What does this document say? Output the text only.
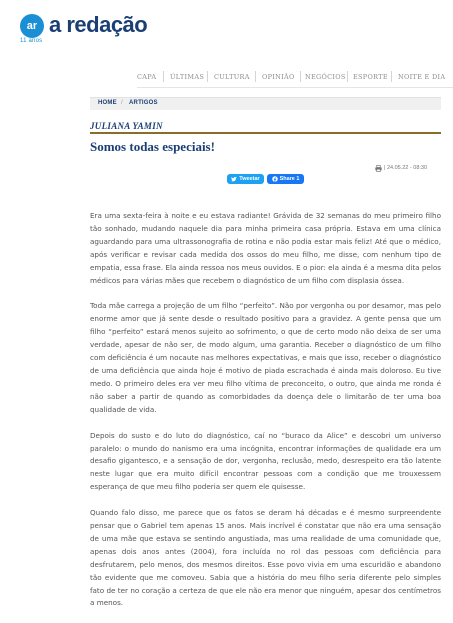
ar
11 anos
a redação
CAPA ÚLTIMAS CULTURA OPINIÃO NEGÓCIOS ESPORTE NOITE E DIA
HOME / ARTIGOS
JULIANA YAMIN
Somos todas especiais!
| 24.05.22 - 08:30
Tweetar	Share 1

Era uma sexta-feira à noite e eu estava radiante! Grávida de 32 semanas do meu primeiro filho tão sonhado, mudando naquele dia para minha primeira casa própria. Estava em uma clínica aguardando para uma ultrassonografia de rotina e não podia estar mais feliz! Até que o médico, após verificar e revisar cada medida dos ossos do meu filho, me disse, com nenhum tipo de empatia, essa frase. Ela ainda ressoa nos meus ouvidos. E o pior: ela ainda é a mesma dita pelos médicos para várias mães que recebem o diagnóstico de um filho com displasia óssea.

Toda mãe carrega a projeção de um filho “perfeito”. Não por vergonha ou por desamor, mas pelo enorme amor que já sente desde o resultado positivo para a gravidez. A gente pensa que um filho “perfeito” estará menos sujeito ao sofrimento, o que de certo modo não deixa de ser uma verdade, apesar de não ser, de modo algum, uma garantia. Receber o diagnóstico de um filho com deficiência é um nocaute nas melhores expectativas, e mais que isso, receber o diagnóstico de uma deficiência que ainda hoje é motivo de piada escrachada é ainda mais doloroso. Eu tive medo. O primeiro deles era ver meu filho vítima de preconceito, o outro, que ainda me ronda é não saber a partir de quando as comorbidades da doença dele o limitarão de ter uma boa qualidade de vida.

Depois do susto e do luto do diagnóstico, caí no “buraco da Alice” e descobri um universo paralelo: o mundo do nanismo era uma incógnita, encontrar informações de qualidade era um desafio gigantesco, e a sensação de dor, vergonha, reclusão, medo, desrespeito era tão latente neste lugar que era muito difícil encontrar pessoas com a condição que me trouxessem esperança de que meu filho poderia ser quem ele quisesse.

Quando falo disso, me parece que os fatos se deram há décadas e é mesmo surpreendente pensar que o Gabriel tem apenas 15 anos. Mais incrível é constatar que não era uma sensação de uma mãe que estava se sentindo angustiada, mas uma realidade de uma comunidade que, apenas dois anos antes (2004), fora incluída no rol das pessoas com deficiência para desfrutarem, pelo menos, dos mesmos direitos. Esse povo vivia em uma escuridão e abandono tão evidente que me comoveu. Sabia que a história do meu filho seria diferente pelo simples fato de ter no coração a certeza de que ele não era menor que ninguém, apesar dos centímetros a menos.
